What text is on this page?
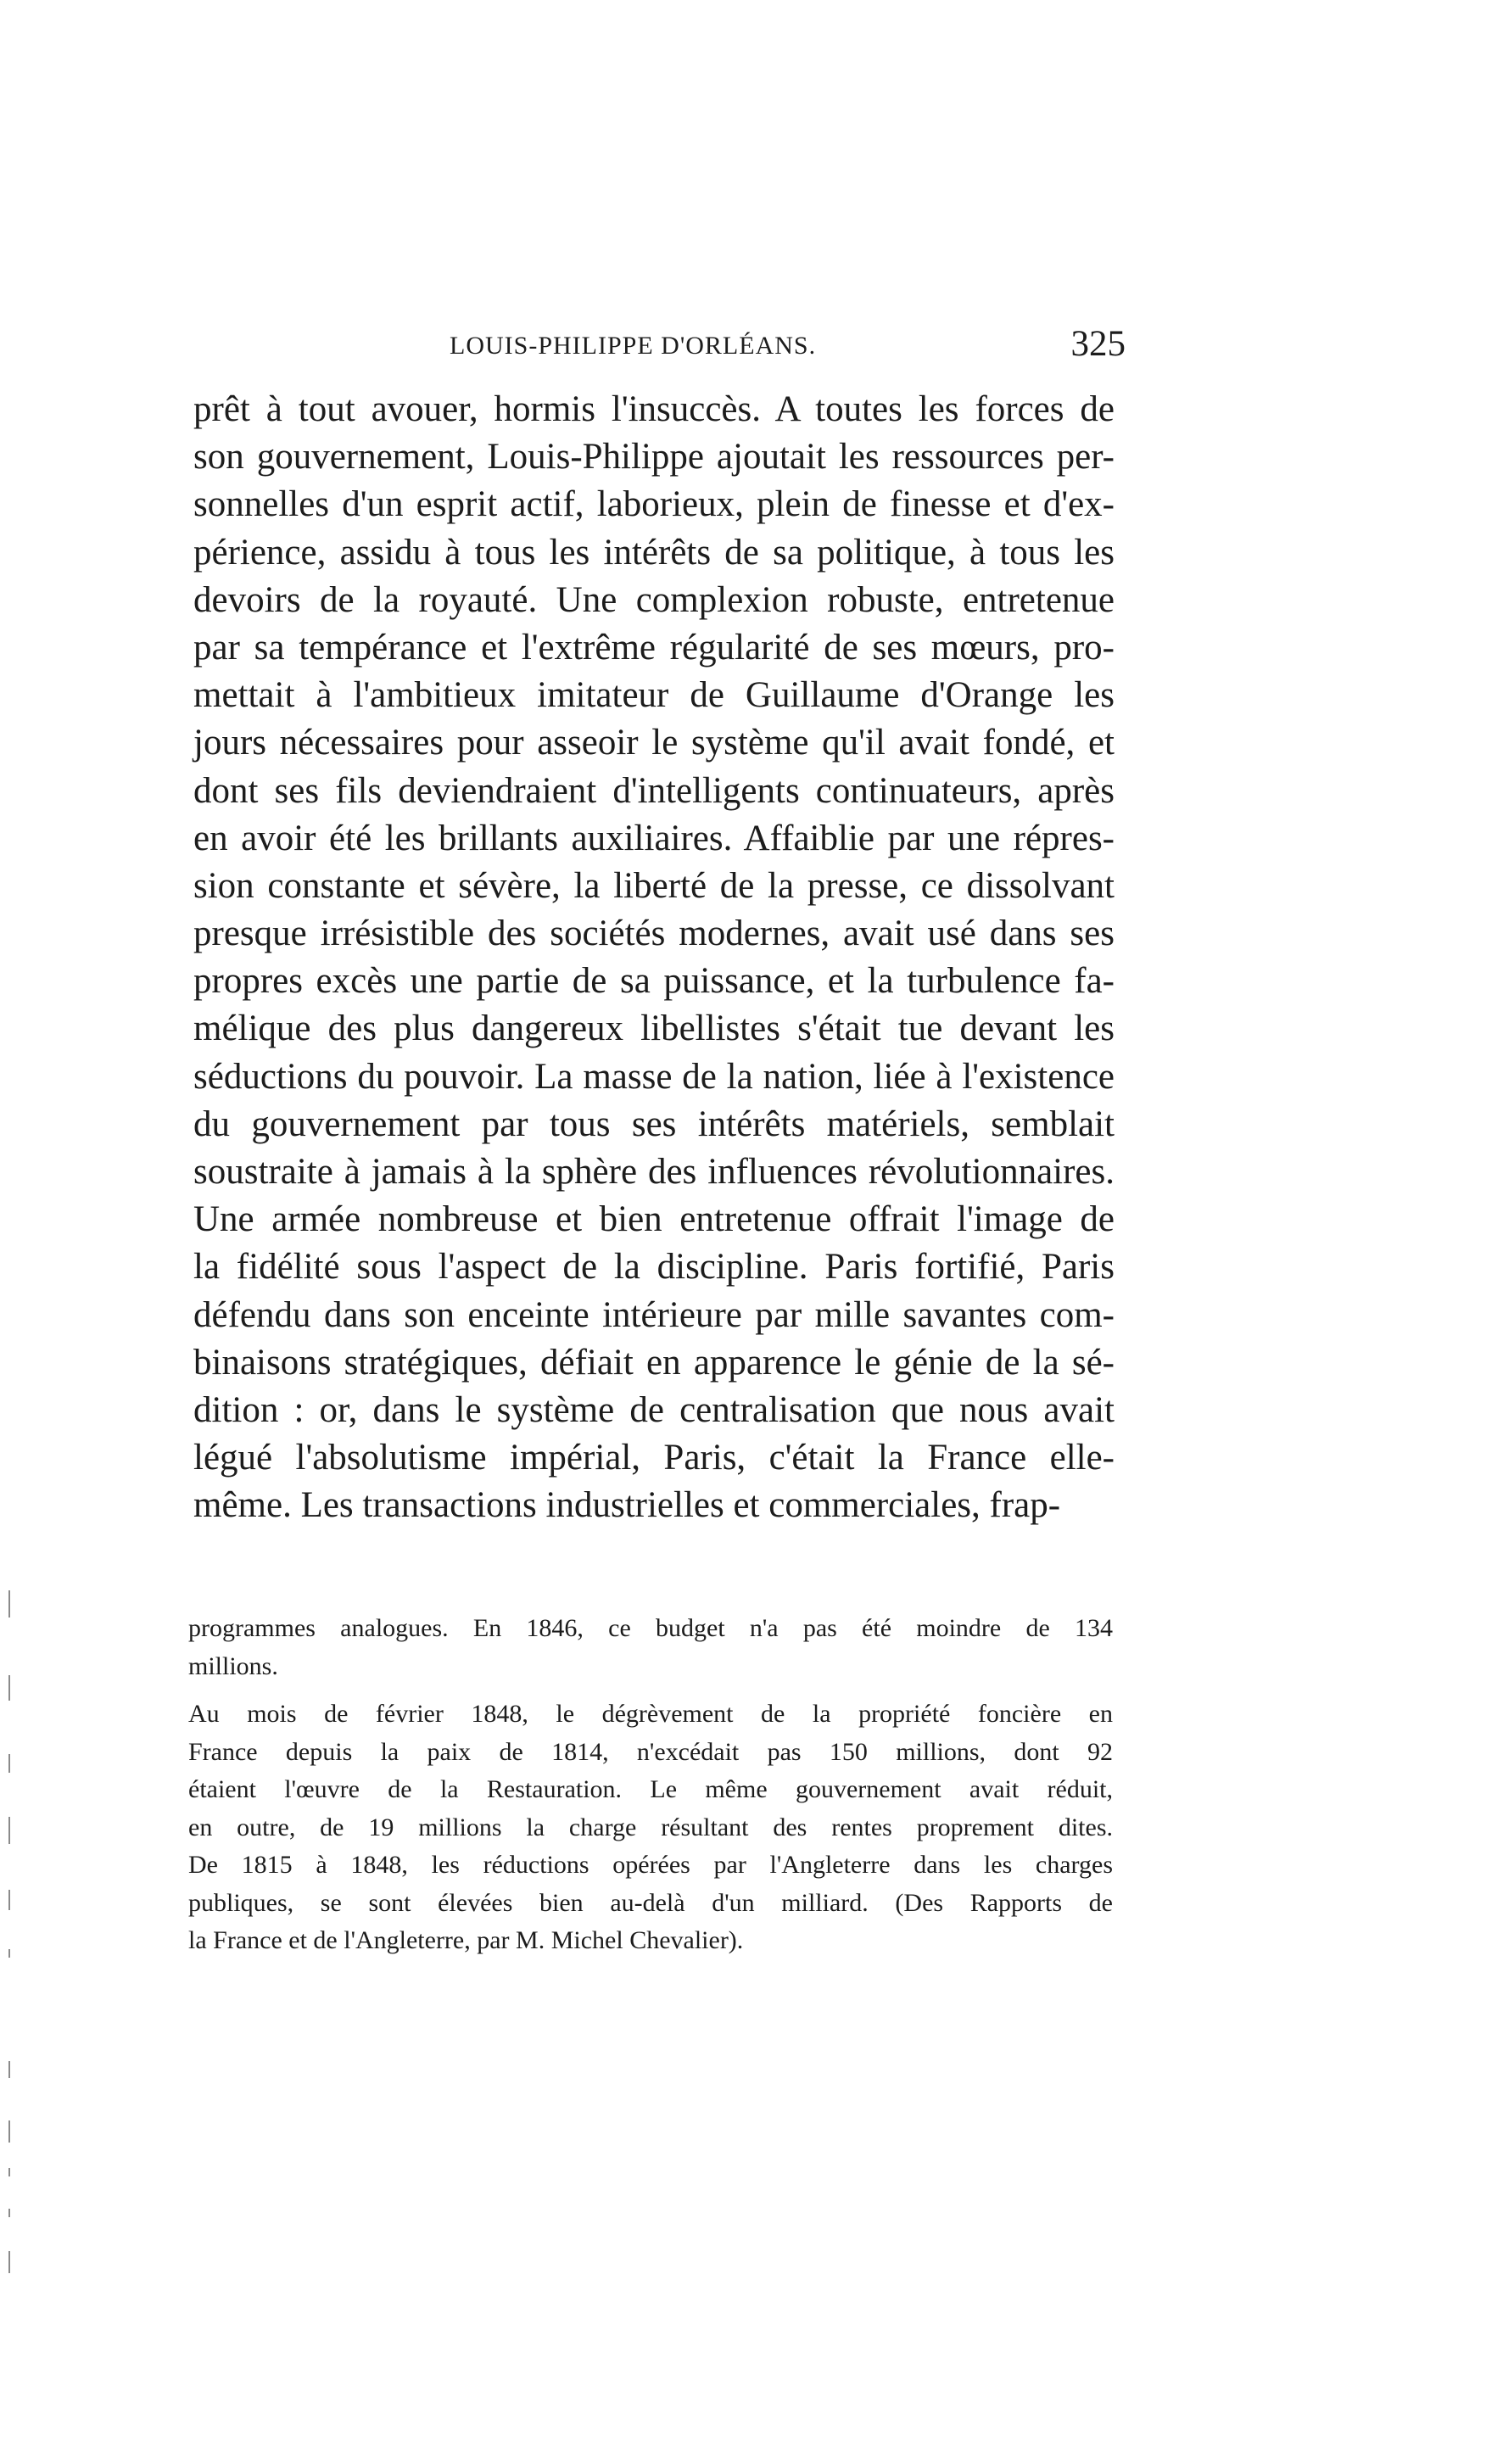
LOUIS-PHILIPPE D'ORLÉANS.	325
prêt à tout avouer, hormis l'insuccès. A toutes les forces de
son gouvernement, Louis-Philippe ajoutait les ressources per-
sonnelles d'un esprit actif, laborieux, plein de finesse et d'ex-
périence, assidu à tous les intérêts de sa politique, à tous les
devoirs de la royauté. Une complexion robuste, entretenue
par sa tempérance et l'extrême régularité de ses mœurs, pro-
mettait à l'ambitieux imitateur de Guillaume d'Orange les
jours nécessaires pour asseoir le système qu'il avait fondé, et
dont ses fils deviendraient d'intelligents continuateurs, après
en avoir été les brillants auxiliaires. Affaiblie par une répres-
sion constante et sévère, la liberté de la presse, ce dissolvant
presque irrésistible des sociétés modernes, avait usé dans ses
propres excès une partie de sa puissance, et la turbulence fa-
mélique des plus dangereux libellistes s'était tue devant les
séductions du pouvoir. La masse de la nation, liée à l'existence
du gouvernement par tous ses intérêts matériels, semblait
soustraite à jamais à la sphère des influences révolutionnaires.
Une armée nombreuse et bien entretenue offrait l'image de
la fidélité sous l'aspect de la discipline. Paris fortifié, Paris
défendu dans son enceinte intérieure par mille savantes com-
binaisons stratégiques, défiait en apparence le génie de la sé-
dition : or, dans le système de centralisation que nous avait
légué l'absolutisme impérial, Paris, c'était la France elle-
même. Les transactions industrielles et commerciales, frap-
programmes analogues. En 1846, ce budget n'a pas été moindre de 134
millions.
Au mois de février 1848, le dégrèvement de la propriété foncière en
France depuis la paix de 1814, n'excédait pas 150 millions, dont 92
étaient l'œuvre de la Restauration. Le même gouvernement avait réduit,
en outre, de 19 millions la charge résultant des rentes proprement dites.
De 1815 à 1848, les réductions opérées par l'Angleterre dans les charges
publiques, se sont élevées bien au-delà d'un milliard. (Des Rapports de
la France et de l'Angleterre, par M. Michel Chevalier).
